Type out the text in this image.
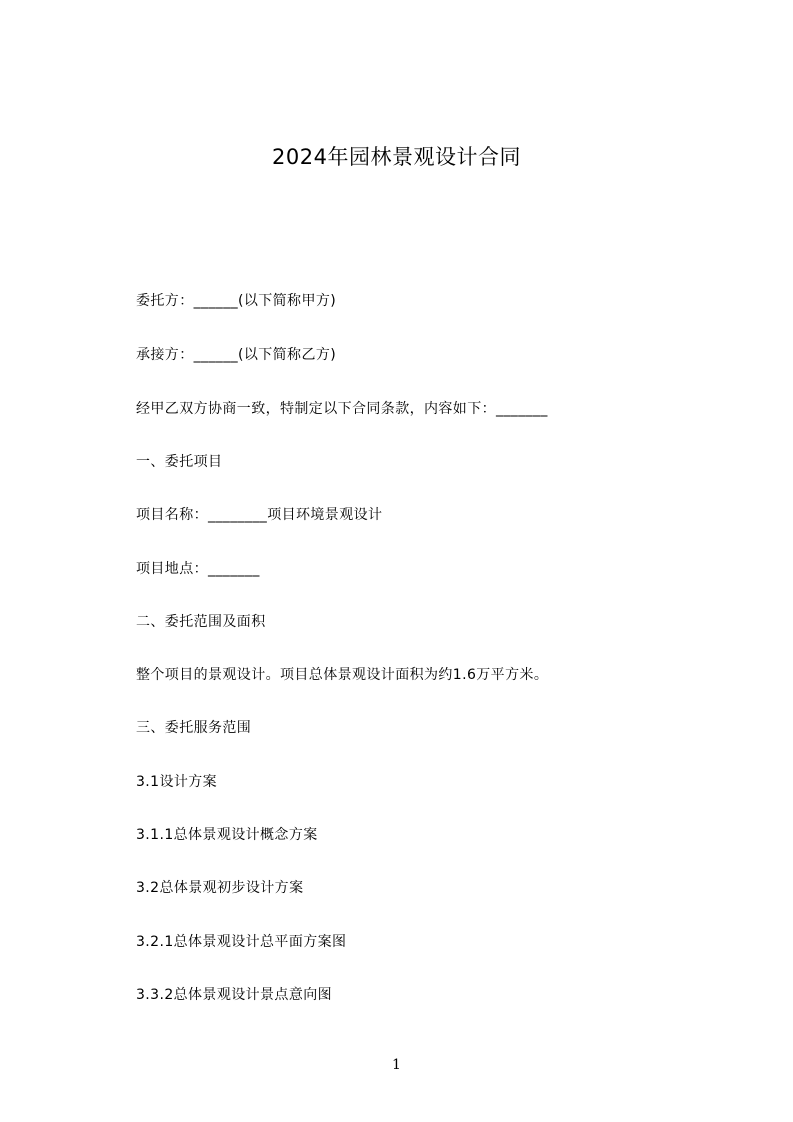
2024年园林景观设计合同

委托方：______(以下简称甲方)

承接方：______(以下简称乙方)

经甲乙双方协商一致，特制定以下合同条款，内容如下：_______

一、委托项目

项目名称：________项目环境景观设计

项目地点：_______

二、委托范围及面积

整个项目的景观设计。项目总体景观设计面积为约1.6万平方米。

三、委托服务范围

3.1设计方案

3.1.1总体景观设计概念方案

3.2总体景观初步设计方案

3.2.1总体景观设计总平面方案图

3.3.2总体景观设计景点意向图

1
